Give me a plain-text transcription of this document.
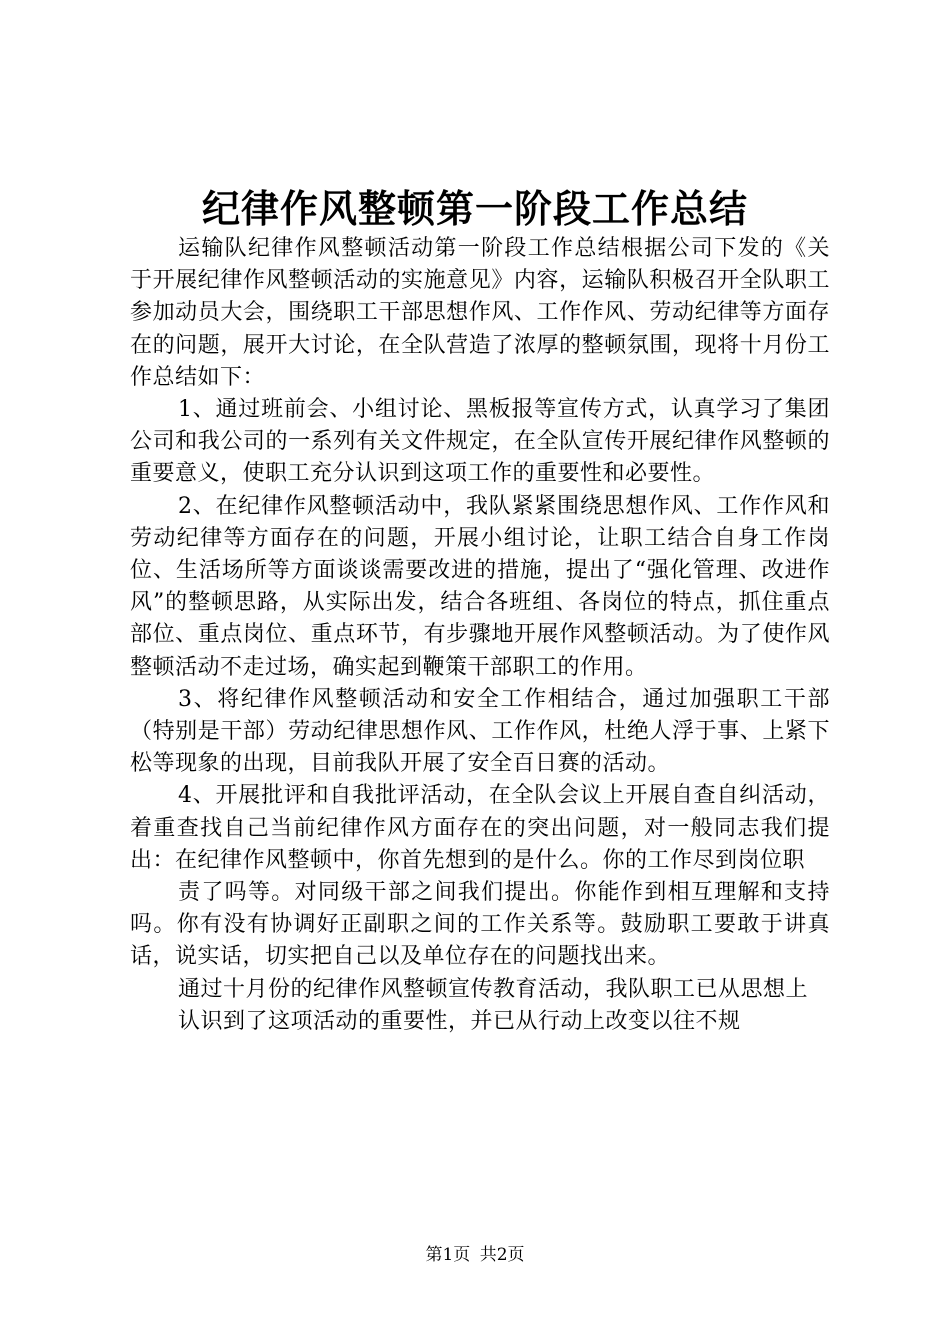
纪律作风整顿第一阶段工作总结

运输队纪律作风整顿活动第一阶段工作总结根据公司下发的《关于开展纪律作风整顿活动的实施意见》内容，运输队积极召开全队职工参加动员大会，围绕职工干部思想作风、工作作风、劳动纪律等方面存在的问题，展开大讨论，在全队营造了浓厚的整顿氛围，现将十月份工作总结如下：

1、通过班前会、小组讨论、黑板报等宣传方式，认真学习了集团公司和我公司的一系列有关文件规定，在全队宣传开展纪律作风整顿的重要意义，使职工充分认识到这项工作的重要性和必要性。

2、在纪律作风整顿活动中，我队紧紧围绕思想作风、工作作风和劳动纪律等方面存在的问题，开展小组讨论，让职工结合自身工作岗位、生活场所等方面谈谈需要改进的措施，提出了“强化管理、改进作风”的整顿思路，从实际出发，结合各班组、各岗位的特点，抓住重点部位、重点岗位、重点环节，有步骤地开展作风整顿活动。为了使作风整顿活动不走过场，确实起到鞭策干部职工的作用。

3、将纪律作风整顿活动和安全工作相结合，通过加强职工干部（特别是干部）劳动纪律思想作风、工作作风，杜绝人浮于事、上紧下松等现象的出现，目前我队开展了安全百日赛的活动。

4、开展批评和自我批评活动，在全队会议上开展自查自纠活动，着重查找自己当前纪律作风方面存在的突出问题，对一般同志我们提出：在纪律作风整顿中，你首先想到的是什么。你的工作尽到岗位职

责了吗等。对同级干部之间我们提出。你能作到相互理解和支持吗。你有没有协调好正副职之间的工作关系等。鼓励职工要敢于讲真话，说实话，切实把自己以及单位存在的问题找出来。

通过十月份的纪律作风整顿宣传教育活动，我队职工已从思想上

认识到了这项活动的重要性，并已从行动上改变以往不规

第1页 共2页
